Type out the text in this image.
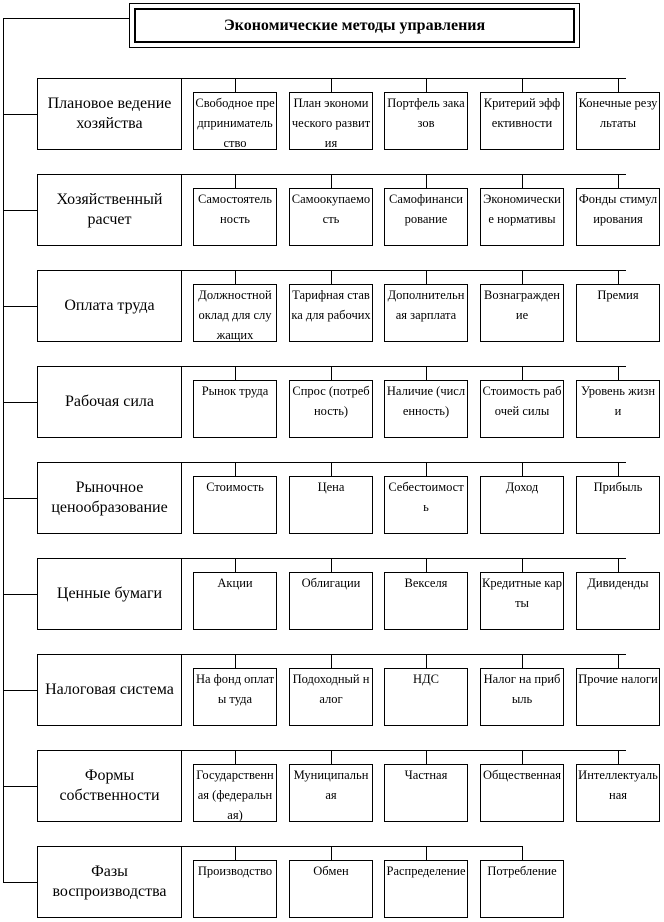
Экономические методы управления
Плановое ведение хозяйства
Свободное предпринимательство
План экономического развития
Портфель заказов
Критерий эффективности
Конечные результаты
Хозяйственный расчет
Самостоятельность
Самоокупаемость
Самофинансирование
Экономические нормативы
Фонды стимулирования
Оплата труда
Должностной оклад для служащих
Тарифная ставка для рабочих
Дополнительная зарплата
Вознаграждение
Премия
Рабочая сила
Рынок труда Спрос (потребность)
Наличие (численность)
Стоимость рабочей силы
Уровень жизни
Рыночное ценообразование
Стоимость	Цена	Себестоимость
Доход	Прибыль
Ценные бумаги
Акции	Облигации	Векселя	Кредитные карты
Дивиденды
Налоговая система
На фонд оплаты туда
Подоходный налог
НДС	Налог на прибыль
Прочие налоги
Формы собственности
Государственная (федеральная)
Муниципальная
Частная	Общественная Интеллектуальная
Фазы воспроизводства
Производство	Обмен	Распределение Потребление
